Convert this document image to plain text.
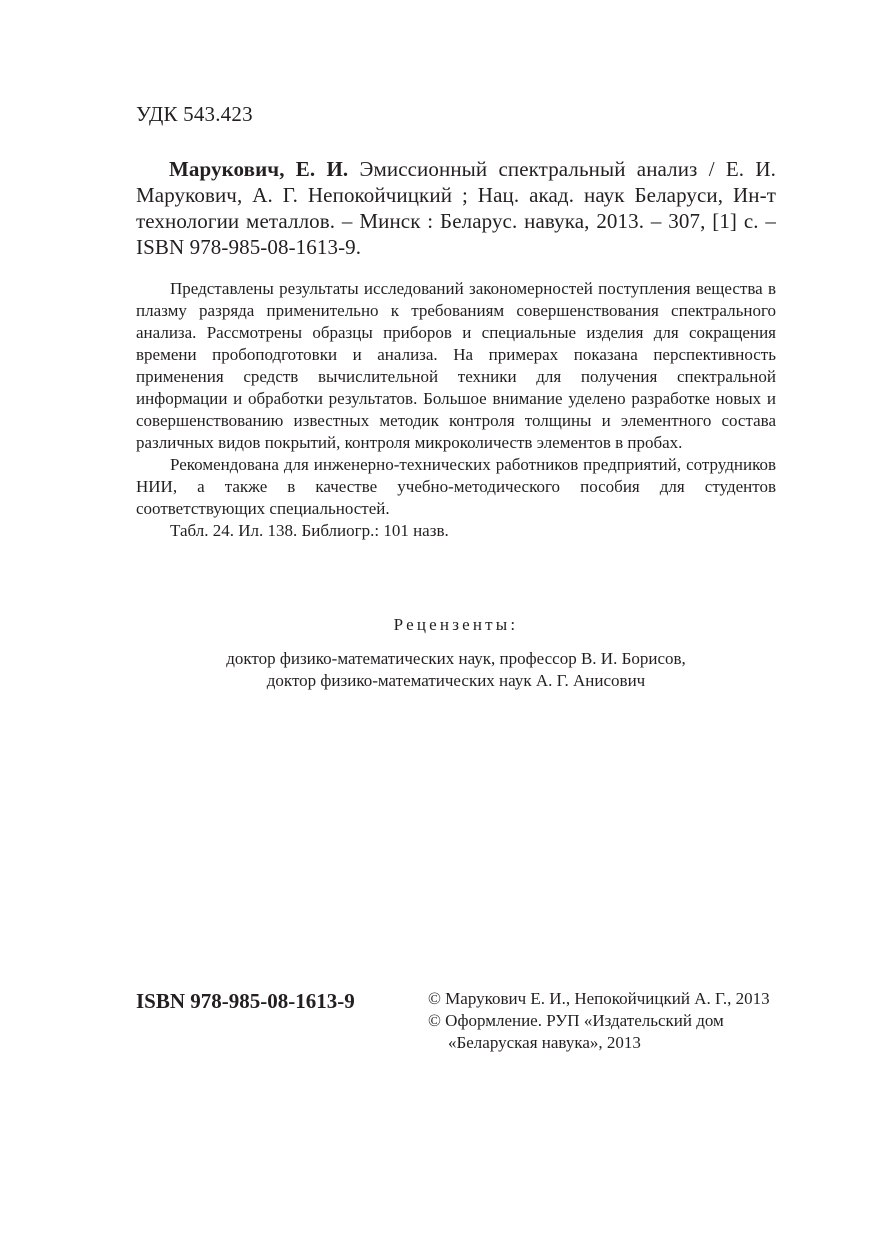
УДК 543.423
Марукович, Е. И. Эмиссионный спектральный анализ / Е. И. Марукович, А. Г. Непокойчицкий ; Нац. акад. наук Беларуси, Ин-т технологии металлов. – Минск : Беларус. навука, 2013. – 307, [1] с. – ISBN 978-985-08-1613-9.

Представлены результаты исследований закономерностей поступления вещества в плазму разряда применительно к требованиям совершенствования спектрального анализа. Рассмотрены образцы приборов и специальные изделия для сокращения времени пробоподготовки и анализа. На примерах показана перспективность применения средств вычислительной техники для получения спектральной информации и обработки результатов. Большое внимание уделено разработке новых и совершенствованию известных методик контроля толщины и элементного состава различных видов покрытий, контроля микроколичеств элементов в пробах.

Рекомендована для инженерно-технических работников предприятий, сотрудников НИИ, а также в качестве учебно-методического пособия для студентов соответствующих специальностей.

Табл. 24. Ил. 138. Библиогр.: 101 назв.

Рецензенты:
доктор физико-математических наук, профессор В. И. Борисов,
доктор физико-математических наук А. Г. Анисович
ISBN 978-985-08-1613-9	© Марукович Е. И., Непокойчицкий А. Г., 2013
© Оформление. РУП «Издательский дом «Беларуская навука», 2013
